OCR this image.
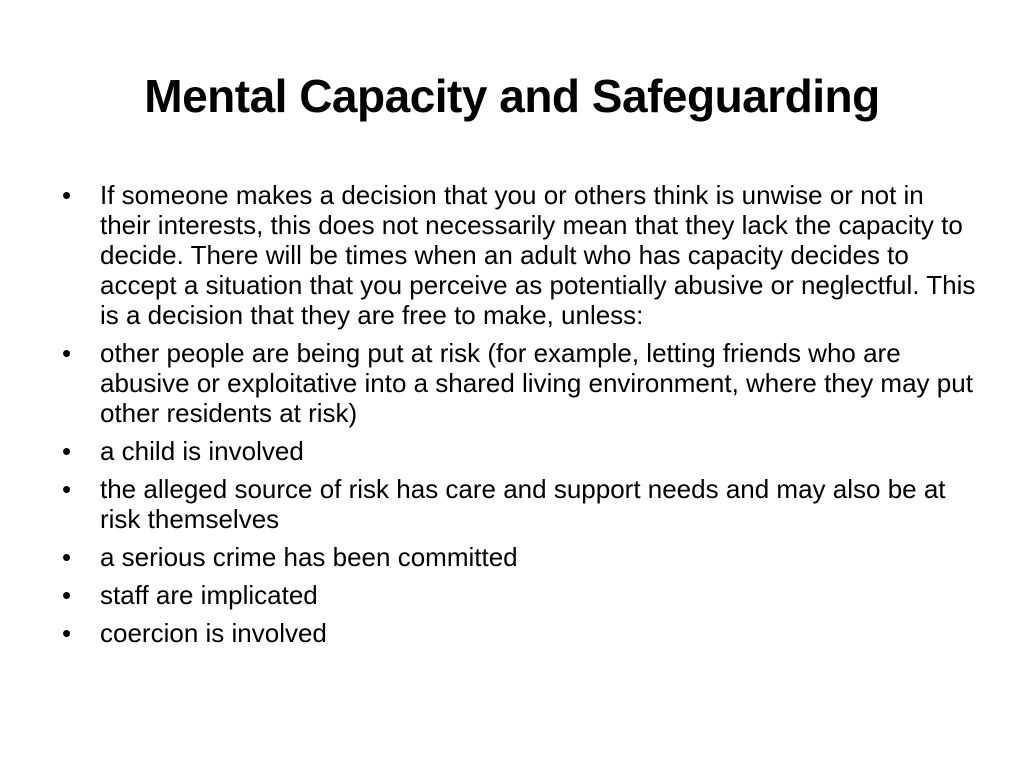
Mental Capacity and Safeguarding
•	If someone makes a decision that you or others think is unwise or not in their interests, this does not necessarily mean that they lack the capacity to decide. There will be times when an adult who has capacity decides to accept a situation that you perceive as potentially abusive or neglectful. This is a decision that they are free to make, unless:
•	other people are being put at risk (for example, letting friends who are abusive or exploitative into a shared living environment, where they may put other residents at risk)
•	a child is involved
•	the alleged source of risk has care and support needs and may also be at risk themselves
•	a serious crime has been committed
•	staff are implicated
•	coercion is involved
